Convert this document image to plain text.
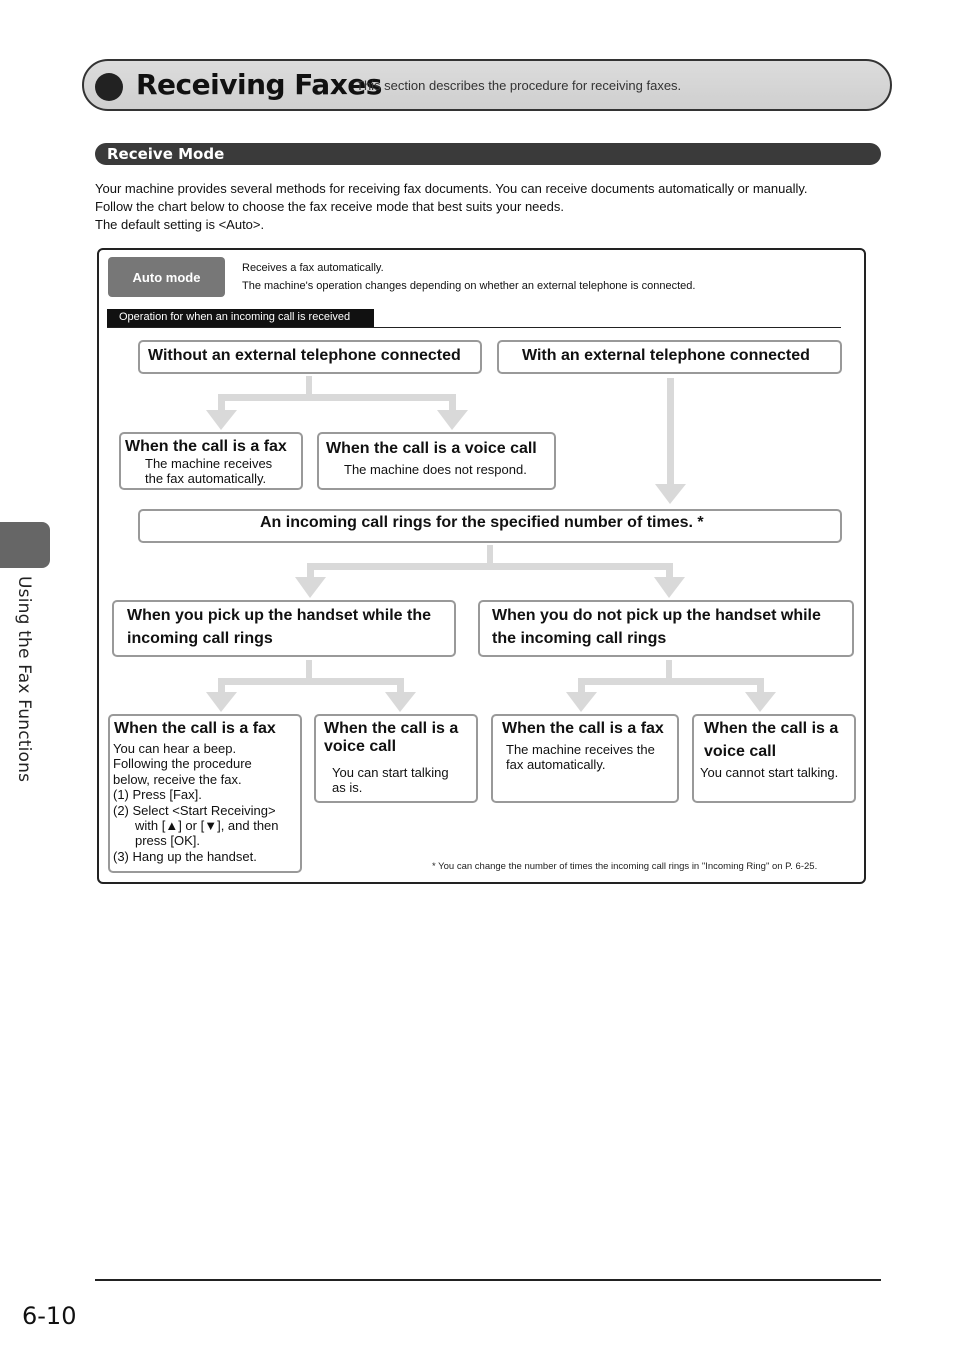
Receiving Faxes
This section describes the procedure for receiving faxes.
Receive Mode
Your machine provides several methods for receiving fax documents. You can receive documents automatically or manually.
Follow the chart below to choose the fax receive mode that best suits your needs.
The default setting is <Auto>.
Auto mode
Receives a fax automatically.
The machine's operation changes depending on whether an external telephone is connected.
Operation for when an incoming call is received
Without an external telephone connected	With an external telephone connected
When the call is a fax
The machine receives
the fax automatically.
When the call is a voice call
The machine does not respond.
An incoming call rings for the specified number of times. *
When you pick up the handset while the
incoming call rings
When you do not pick up the handset while
the incoming call rings
When the call is a fax
You can hear a beep.
Following the procedure
below, receive the fax.
(1) Press [Fax].
(2) Select <Start Receiving>
with [▲] or [▼], and then
press [OK].
(3) Hang up the handset.
When the call is a
voice call
You can start talking
as is.
When the call is a fax
The machine receives the
fax automatically.
When the call is a
voice call
You cannot start talking.
* You can change the number of times the incoming call rings in "Incoming Ring" on P. 6-25.
Using the Fax Functions
6-10
